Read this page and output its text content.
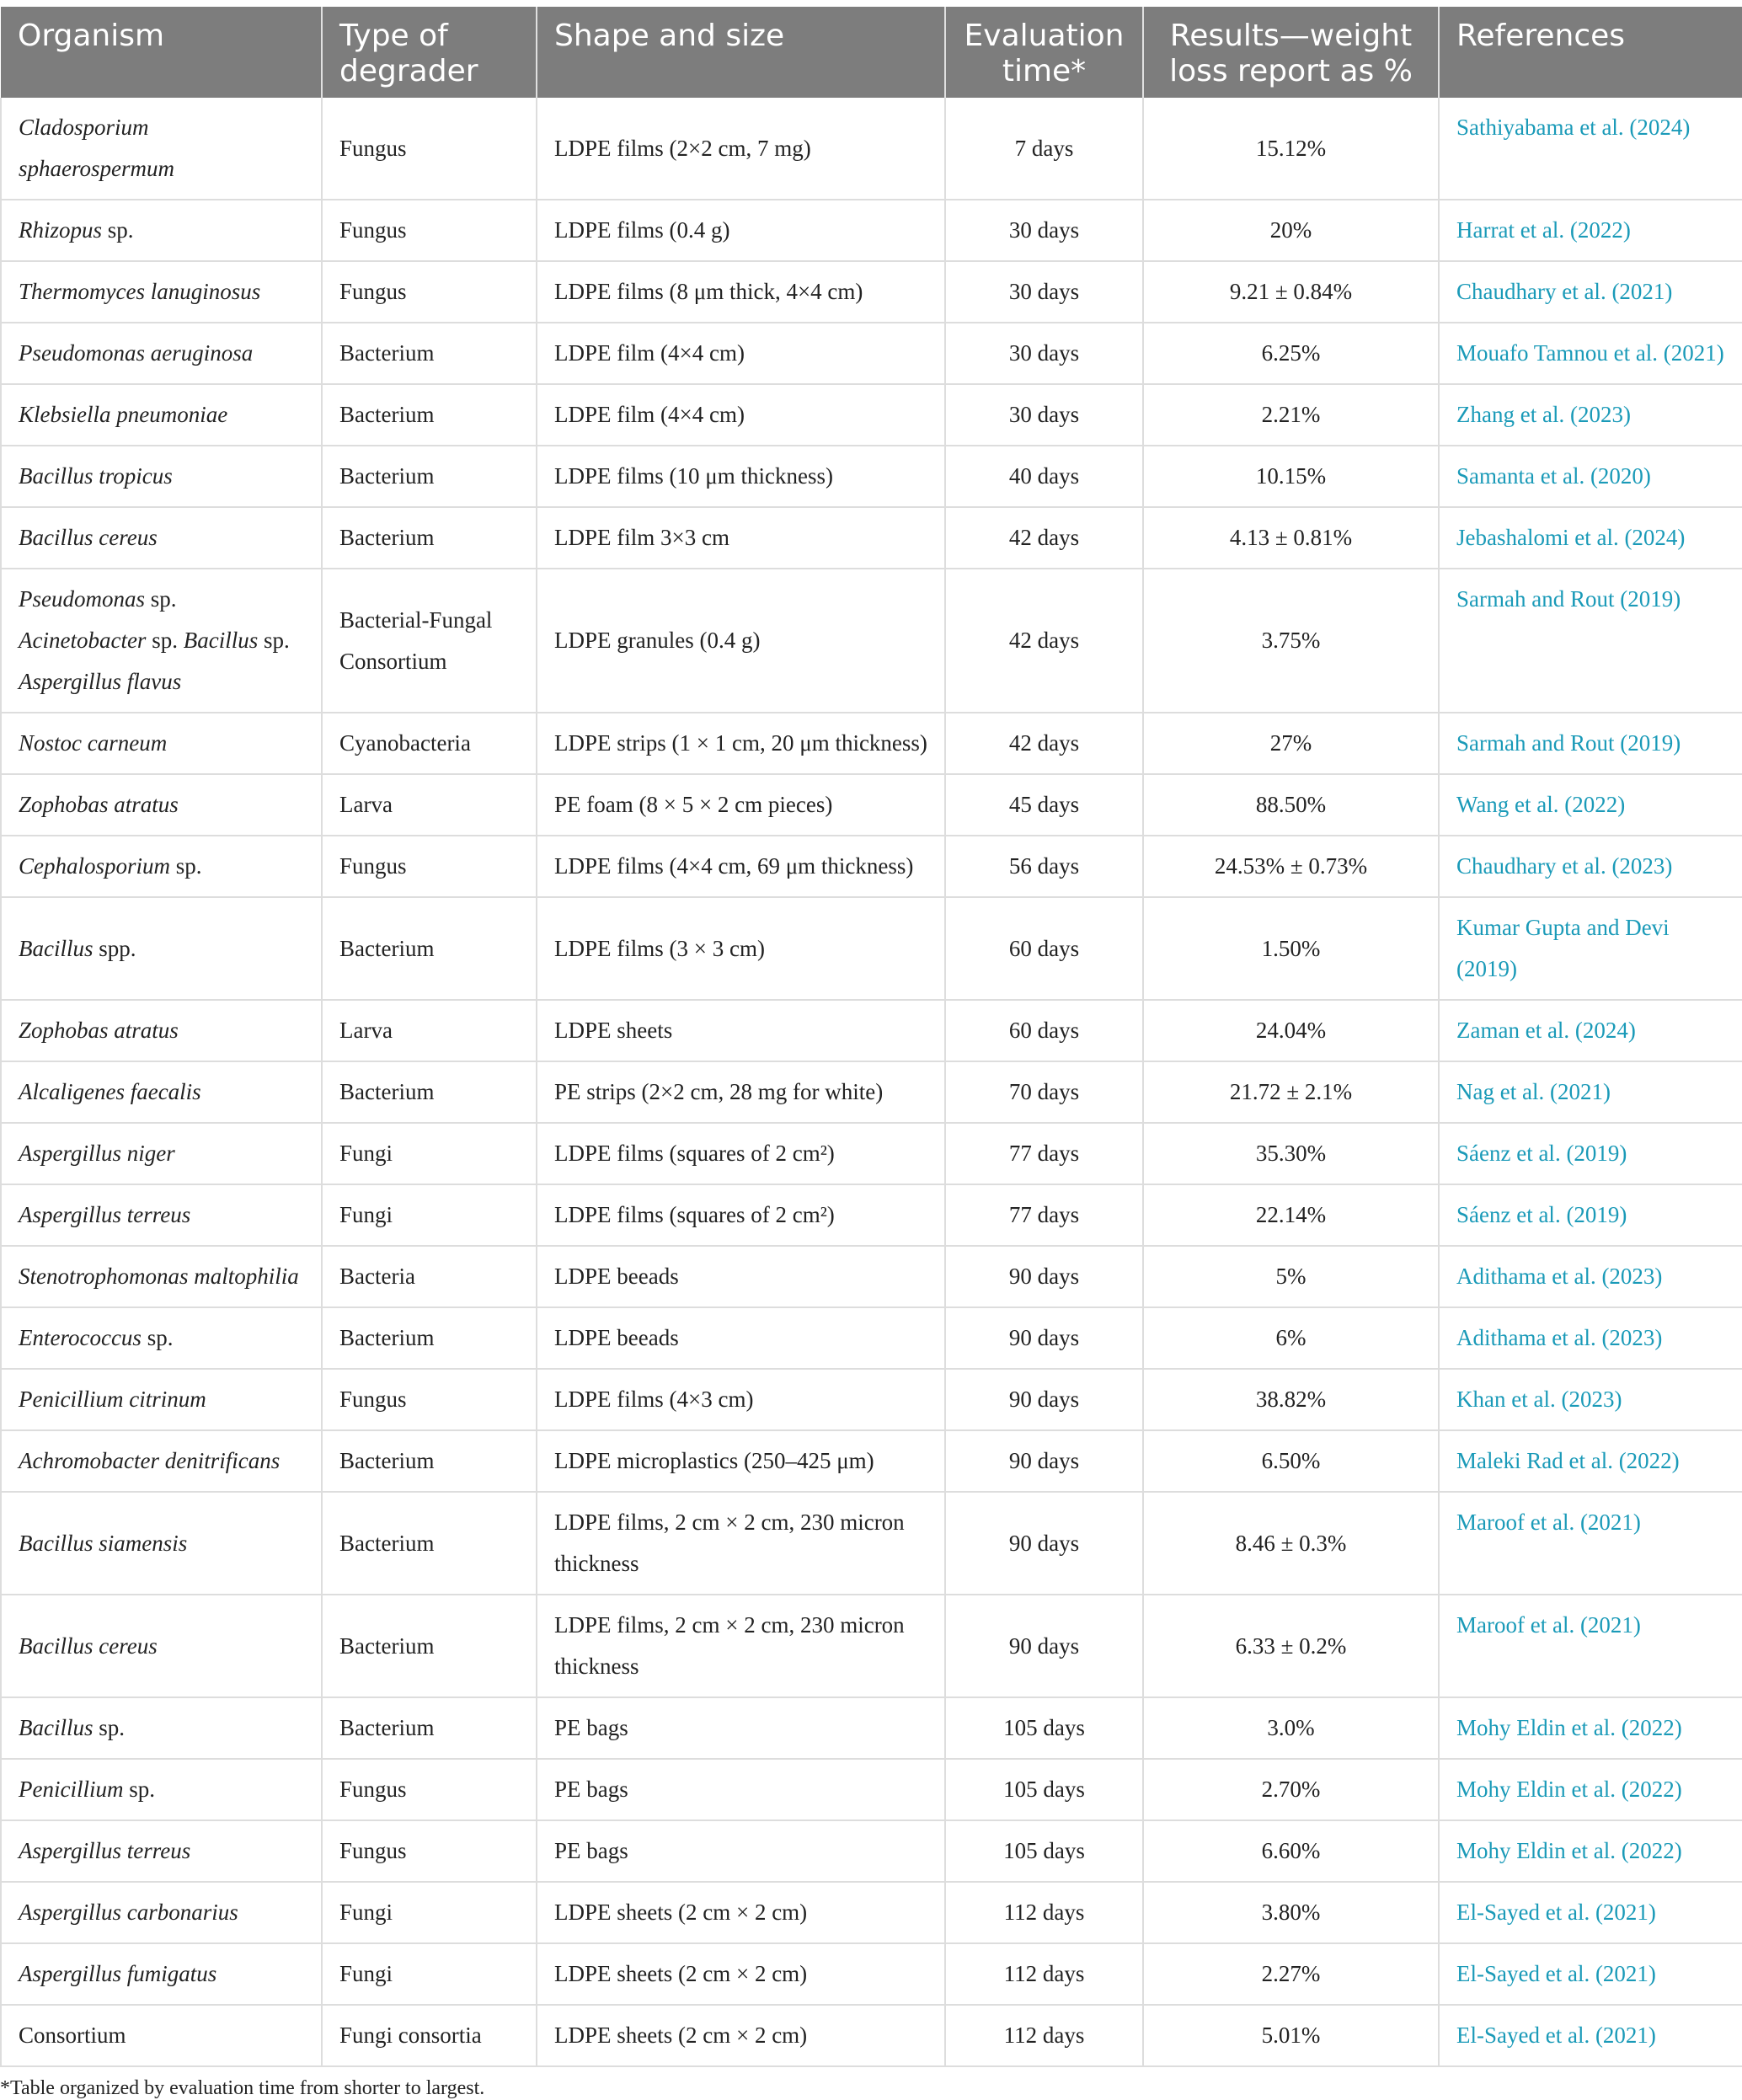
Organism	Type of degrader	Shape and size	Evaluation time*	Results—weight loss report as %	References
Cladosporium sphaerospermum	Fungus	LDPE films (2×2 cm, 7 mg)	7 days	15.12%	Sathiyabama et al. (2024)
Rhizopus sp.	Fungus	LDPE films (0.4 g)	30 days	20%	Harrat et al. (2022)
Thermomyces lanuginosus	Fungus	LDPE films (8 μm thick, 4×4 cm)	30 days	9.21 ± 0.84%	Chaudhary et al. (2021)
Pseudomonas aeruginosa	Bacterium	LDPE film (4×4 cm)	30 days	6.25%	Mouafo Tamnou et al. (2021)
Klebsiella pneumoniae	Bacterium	LDPE film (4×4 cm)	30 days	2.21%	Zhang et al. (2023)
Bacillus tropicus	Bacterium	LDPE films (10 μm thickness)	40 days	10.15%	Samanta et al. (2020)
Bacillus cereus	Bacterium	LDPE film 3×3 cm	42 days	4.13 ± 0.81%	Jebashalomi et al. (2024)
Pseudomonas sp. Acinetobacter sp. Bacillus sp. Aspergillus flavus	Bacterial-Fungal Consortium	LDPE granules (0.4 g)	42 days	3.75%	Sarmah and Rout (2019)
Nostoc carneum	Cyanobacteria	LDPE strips (1 × 1 cm, 20 μm thickness)	42 days	27%	Sarmah and Rout (2019)
Zophobas atratus	Larva	PE foam (8 × 5 × 2 cm pieces)	45 days	88.50%	Wang et al. (2022)
Cephalosporium sp.	Fungus	LDPE films (4×4 cm, 69 μm thickness)	56 days	24.53% ± 0.73%	Chaudhary et al. (2023)
Bacillus spp.	Bacterium	LDPE films (3 × 3 cm)	60 days	1.50%	Kumar Gupta and Devi (2019)
Zophobas atratus	Larva	LDPE sheets	60 days	24.04%	Zaman et al. (2024)
Alcaligenes faecalis	Bacterium	PE strips (2×2 cm, 28 mg for white)	70 days	21.72 ± 2.1%	Nag et al. (2021)
Aspergillus niger	Fungi	LDPE films (squares of 2 cm²)	77 days	35.30%	Sáenz et al. (2019)
Aspergillus terreus	Fungi	LDPE films (squares of 2 cm²)	77 days	22.14%	Sáenz et al. (2019)
Stenotrophomonas maltophilia	Bacteria	LDPE beeads	90 days	5%	Adithama et al. (2023)
Enterococcus sp.	Bacterium	LDPE beeads	90 days	6%	Adithama et al. (2023)
Penicillium citrinum	Fungus	LDPE films (4×3 cm)	90 days	38.82%	Khan et al. (2023)
Achromobacter denitrificans	Bacterium	LDPE microplastics (250–425 μm)	90 days	6.50%	Maleki Rad et al. (2022)
Bacillus siamensis	Bacterium	LDPE films, 2 cm × 2 cm, 230 micron thickness	90 days	8.46 ± 0.3%	Maroof et al. (2021)
Bacillus cereus	Bacterium	LDPE films, 2 cm × 2 cm, 230 micron thickness	90 days	6.33 ± 0.2%	Maroof et al. (2021)
Bacillus sp.	Bacterium	PE bags	105 days	3.0%	Mohy Eldin et al. (2022)
Penicillium sp.	Fungus	PE bags	105 days	2.70%	Mohy Eldin et al. (2022)
Aspergillus terreus	Fungus	PE bags	105 days	6.60%	Mohy Eldin et al. (2022)
Aspergillus carbonarius	Fungi	LDPE sheets (2 cm × 2 cm)	112 days	3.80%	El-Sayed et al. (2021)
Aspergillus fumigatus	Fungi	LDPE sheets (2 cm × 2 cm)	112 days	2.27%	El-Sayed et al. (2021)
Consortium	Fungi consortia	LDPE sheets (2 cm × 2 cm)	112 days	5.01%	El-Sayed et al. (2021)
*Table organized by evaluation time from shorter to largest.
